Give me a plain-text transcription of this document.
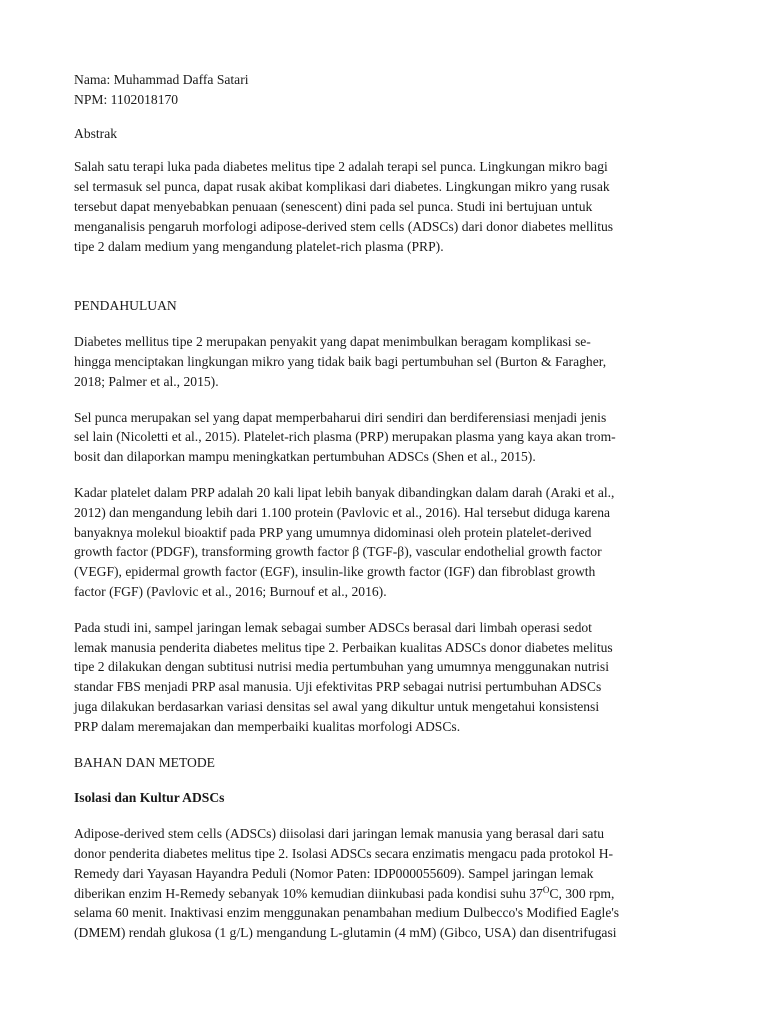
Nama: Muhammad Daffa Satari
NPM: 1102018170
Abstrak

Salah satu terapi luka pada diabetes melitus tipe 2 adalah terapi sel punca. Lingkungan mikro bagi
sel termasuk sel punca, dapat rusak akibat komplikasi dari diabetes. Lingkungan mikro yang rusak
tersebut dapat menyebabkan penuaan (senescent) dini pada sel punca. Studi ini bertujuan untuk
menganalisis pengaruh morfologi adipose-derived stem cells (ADSCs) dari donor diabetes mellitus
tipe 2 dalam medium yang mengandung platelet-rich plasma (PRP).

PENDAHULUAN

Diabetes mellitus tipe 2 merupakan penyakit yang dapat menimbulkan beragam komplikasi se-
hingga menciptakan lingkungan mikro yang tidak baik bagi pertumbuhan sel (Burton & Faragher,
2018; Palmer et al., 2015).

Sel punca merupakan sel yang dapat memperbaharui diri sendiri dan berdiferensiasi menjadi jenis
sel lain (Nicoletti et al., 2015). Platelet-rich plasma (PRP) merupakan plasma yang kaya akan trom-
bosit dan dilaporkan mampu meningkatkan pertumbuhan ADSCs (Shen et al., 2015).

Kadar platelet dalam PRP adalah 20 kali lipat lebih banyak dibandingkan dalam darah (Araki et al.,
2012) dan mengandung lebih dari 1.100 protein (Pavlovic et al., 2016). Hal tersebut diduga karena
banyaknya molekul bioaktif pada PRP yang umumnya didominasi oleh protein platelet-derived
growth factor (PDGF), transforming growth factor β (TGF-β), vascular endothelial growth factor
(VEGF), epidermal growth factor (EGF), insulin-like growth factor (IGF) dan fibroblast growth
factor (FGF) (Pavlovic et al., 2016; Burnouf et al., 2016).

Pada studi ini, sampel jaringan lemak sebagai sumber ADSCs berasal dari limbah operasi sedot
lemak manusia penderita diabetes melitus tipe 2. Perbaikan kualitas ADSCs donor diabetes melitus
tipe 2 dilakukan dengan subtitusi nutrisi media pertumbuhan yang umumnya menggunakan nutrisi
standar FBS menjadi PRP asal manusia. Uji efektivitas PRP sebagai nutrisi pertumbuhan ADSCs
juga dilakukan berdasarkan variasi densitas sel awal yang dikultur untuk mengetahui konsistensi
PRP dalam meremajakan dan memperbaiki kualitas morfologi ADSCs.

BAHAN DAN METODE
Isolasi dan Kultur ADSCs

Adipose-derived stem cells (ADSCs) diisolasi dari jaringan lemak manusia yang berasal dari satu
donor penderita diabetes melitus tipe 2. Isolasi ADSCs secara enzimatis mengacu pada protokol H-
Remedy dari Yayasan Hayandra Peduli (Nomor Paten: IDP000055609). Sampel jaringan lemak
diberikan enzim H-Remedy sebanyak 10% kemudian diinkubasi pada kondisi suhu $37^OC$, 300 rpm,
selama 60 menit. Inaktivasi enzim menggunakan penambahan medium Dulbecco's Modified Eagle's
(DMEM) rendah glukosa (1 g/L) mengandung L-glutamin (4 mM) (Gibco, USA) dan disentrifugasi
